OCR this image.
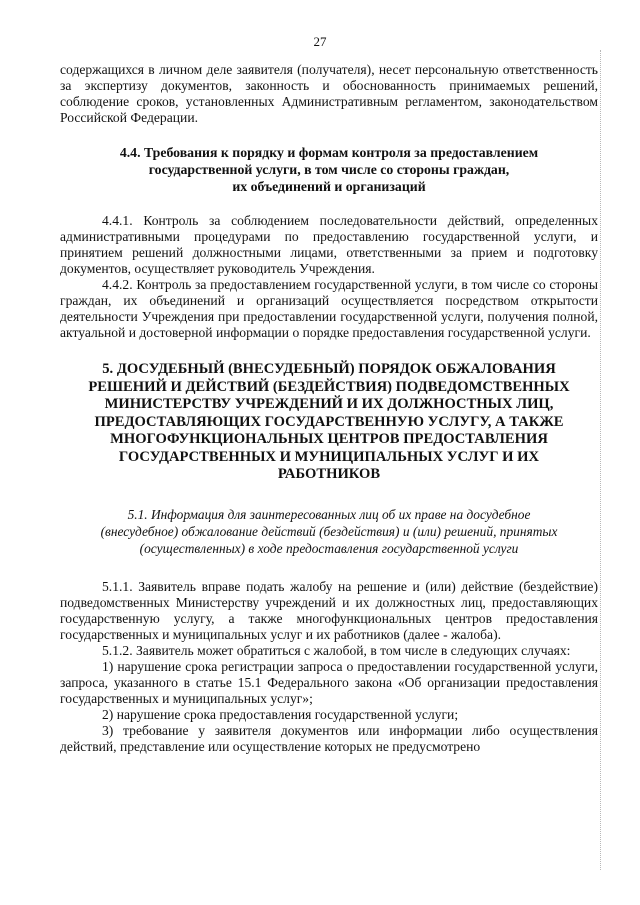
27

содержащихся в личном деле заявителя (получателя), несет персональную ответственность за экспертизу документов, законность и обоснованность принимаемых решений, соблюдение сроков, установленных Административным регламентом, законодательством Российской Федерации.

4.4. Требования к порядку и формам контроля за предоставлением

государственной услуги, в том числе со стороны граждан,

их объединений и организаций

4.4.1. Контроль за соблюдением последовательности действий, определенных административными процедурами по предоставлению государственной услуги, и принятием решений должностными лицами, ответственными за прием и подготовку документов, осуществляет руководитель Учреждения.

4.4.2. Контроль за предоставлением государственной услуги, в том числе со стороны граждан, их объединений и организаций осуществляется посредством открытости деятельности Учреждения при предоставлении государственной услуги, получения полной, актуальной и достоверной информации о порядке предоставления государственной услуги.

5. ДОСУДЕБНЫЙ (ВНЕСУДЕБНЫЙ) ПОРЯДОК ОБЖАЛОВАНИЯ

РЕШЕНИЙ И ДЕЙСТВИЙ (БЕЗДЕЙСТВИЯ) ПОДВЕДОМСТВЕННЫХ

МИНИСТЕРСТВУ УЧРЕЖДЕНИЙ И ИХ ДОЛЖНОСТНЫХ ЛИЦ,

ПРЕДОСТАВЛЯЮЩИХ ГОСУДАРСТВЕННУЮ УСЛУГУ, А ТАКЖЕ

МНОГОФУНКЦИОНАЛЬНЫХ ЦЕНТРОВ ПРЕДОСТАВЛЕНИЯ

ГОСУДАРСТВЕННЫХ И МУНИЦИПАЛЬНЫХ УСЛУГ И ИХ

РАБОТНИКОВ

5.1. Информация для заинтересованных лиц об их праве на досудебное

(внесудебное) обжалование действий (бездействия) и (или) решений, принятых

(осуществленных) в ходе предоставления государственной услуги

5.1.1. Заявитель вправе подать жалобу на решение и (или) действие (бездействие) подведомственных Министерству учреждений и их должностных лиц, предоставляющих государственную услугу, а также многофункциональных центров предоставления государственных и муниципальных услуг и их работников (далее - жалоба).

5.1.2. Заявитель может обратиться с жалобой, в том числе в следующих случаях:

1) нарушение срока регистрации запроса о предоставлении государственной услуги, запроса, указанного в статье 15.1 Федерального закона «Об организации предоставления государственных и муниципальных услуг»;

2) нарушение срока предоставления государственной услуги;

3) требование у заявителя документов или информации либо осуществления действий, представление или осуществление которых не предусмотрено
